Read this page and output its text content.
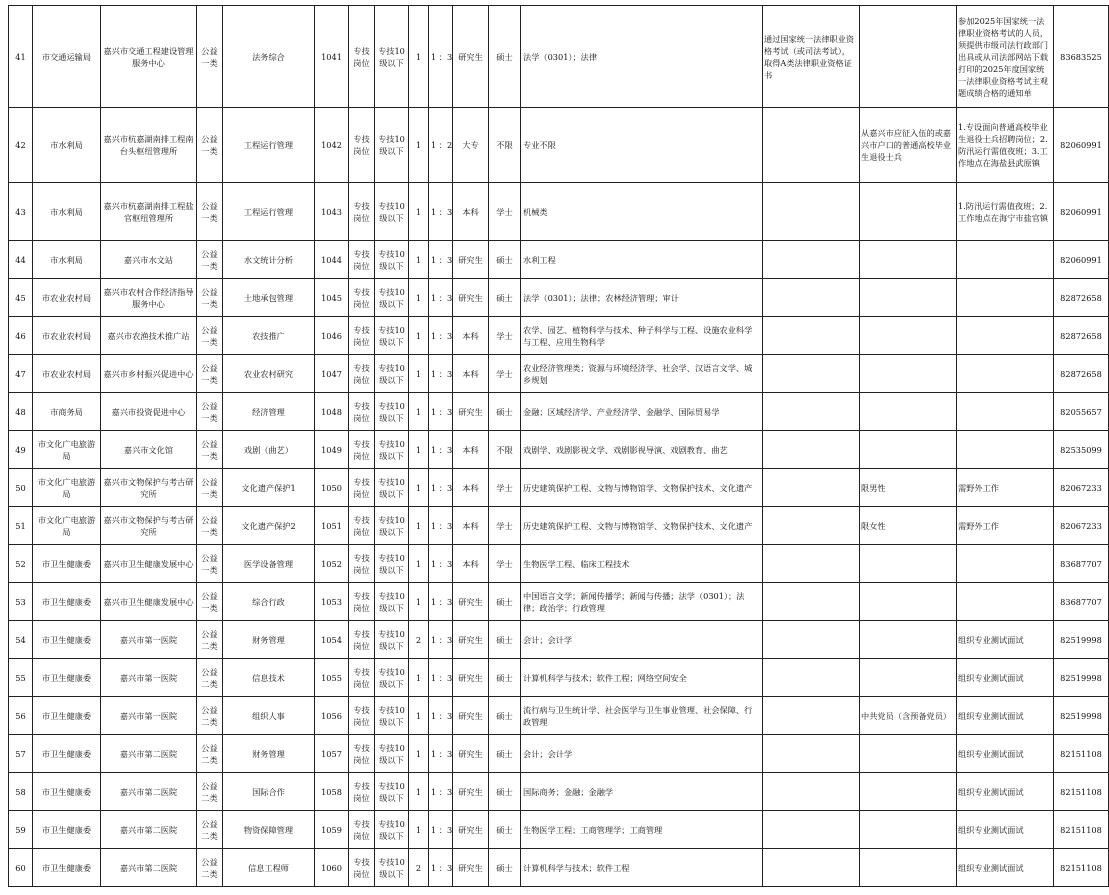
41	市交通运输局	嘉兴市交通工程建设管理服务中心	公益一类	法务综合	1041	专技岗位	专技10级以下	1	1 ：3	研究生	硕士	法学（0301）；法律	通过国家统一法律职业资格考试（或司法考试），取得A类法律职业资格证书		参加2025年国家统一法律职业资格考试的人员，须提供市级司法行政部门出具或从司法部网站下载打印的2025年度国家统一法律职业资格考试主观题成绩合格的通知单	83683525
42	市水利局	嘉兴市杭嘉湖南排工程南台头枢纽管理所	公益一类	工程运行管理	1042	专技岗位	专技10级以下	1	1 ：2	大专	不限	专业不限		从嘉兴市应征入伍的或嘉兴市户口的普通高校毕业生退役士兵	1.专设面向普通高校毕业生退役士兵招聘岗位；2.防汛运行需值夜班；3.工作地点在海盐县武原镇	82060991
43	市水利局	嘉兴市杭嘉湖南排工程盐官枢纽管理所	公益一类	工程运行管理	1043	专技岗位	专技10级以下	1	1 ：3	本科	学士	机械类			1.防汛运行需值夜班；2.工作地点在海宁市盐官镇	82060991
44	市水利局	嘉兴市水文站	公益一类	水文统计分析	1044	专技岗位	专技10级以下	1	1 ：3	研究生	硕士	水利工程				82060991
45	市农业农村局	嘉兴市农村合作经济指导服务中心	公益一类	土地承包管理	1045	专技岗位	专技10级以下	1	1 ：3	研究生	硕士	法学（0301）；法律；农林经济管理；审计				82872658
46	市农业农村局	嘉兴市农渔技术推广站	公益一类	农技推广	1046	专技岗位	专技10级以下	1	1 ：3	本科	学士	农学、园艺、植物科学与技术、种子科学与工程、设施农业科学与工程、应用生物科学				82872658
47	市农业农村局	嘉兴市乡村振兴促进中心	公益一类	农业农村研究	1047	专技岗位	专技10级以下	1	1 ：3	本科	学士	农业经济管理类；资源与环境经济学、社会学、汉语言文学、城乡规划				82872658
48	市商务局	嘉兴市投资促进中心	公益一类	经济管理	1048	专技岗位	专技10级以下	1	1 ：3	研究生	硕士	金融；区域经济学、产业经济学、金融学、国际贸易学				82055657
49	市文化广电旅游局	嘉兴市文化馆	公益一类	戏剧（曲艺）	1049	专技岗位	专技10级以下	1	1 ：3	本科	不限	戏剧学、戏剧影视文学、戏剧影视导演、戏剧教育、曲艺				82535099
50	市文化广电旅游局	嘉兴市文物保护与考古研究所	公益一类	文化遗产保护1	1050	专技岗位	专技10级以下	1	1 ：3	本科	学士	历史建筑保护工程、文物与博物馆学、文物保护技术、文化遗产		限男性	需野外工作	82067233
51	市文化广电旅游局	嘉兴市文物保护与考古研究所	公益一类	文化遗产保护2	1051	专技岗位	专技10级以下	1	1 ：3	本科	学士	历史建筑保护工程、文物与博物馆学、文物保护技术、文化遗产		限女性	需野外工作	82067233
52	市卫生健康委	嘉兴市卫生健康发展中心	公益一类	医学设备管理	1052	专技岗位	专技10级以下	1	1 ：3	本科	学士	生物医学工程、临床工程技术				83687707
53	市卫生健康委	嘉兴市卫生健康发展中心	公益一类	综合行政	1053	专技岗位	专技10级以下	1	1 ：3	研究生	硕士	中国语言文学；新闻传播学；新闻与传播；法学（0301）；法律；政治学；行政管理				83687707
54	市卫生健康委	嘉兴市第一医院	公益二类	财务管理	1054	专技岗位	专技10级以下	2	1 ：3	研究生	硕士	会计；会计学			组织专业测试面试	82519998
55	市卫生健康委	嘉兴市第一医院	公益二类	信息技术	1055	专技岗位	专技10级以下	1	1 ：3	研究生	硕士	计算机科学与技术；软件工程；网络空间安全			组织专业测试面试	82519998
56	市卫生健康委	嘉兴市第一医院	公益二类	组织人事	1056	专技岗位	专技10级以下	1	1 ：3	研究生	硕士	流行病与卫生统计学、社会医学与卫生事业管理、社会保障、行政管理		中共党员（含预备党员）	组织专业测试面试	82519998
57	市卫生健康委	嘉兴市第二医院	公益二类	财务管理	1057	专技岗位	专技10级以下	1	1 ：3	研究生	硕士	会计；会计学			组织专业测试面试	82151108
58	市卫生健康委	嘉兴市第二医院	公益二类	国际合作	1058	专技岗位	专技10级以下	1	1 ：3	研究生	硕士	国际商务；金融；金融学			组织专业测试面试	82151108
59	市卫生健康委	嘉兴市第二医院	公益二类	物资保障管理	1059	专技岗位	专技10级以下	1	1 ：3	研究生	硕士	生物医学工程；工商管理学；工商管理			组织专业测试面试	82151108
60	市卫生健康委	嘉兴市第二医院	公益二类	信息工程师	1060	专技岗位	专技10级以下	2	1 ：3	研究生	硕士	计算机科学与技术；软件工程			组织专业测试面试	82151108
